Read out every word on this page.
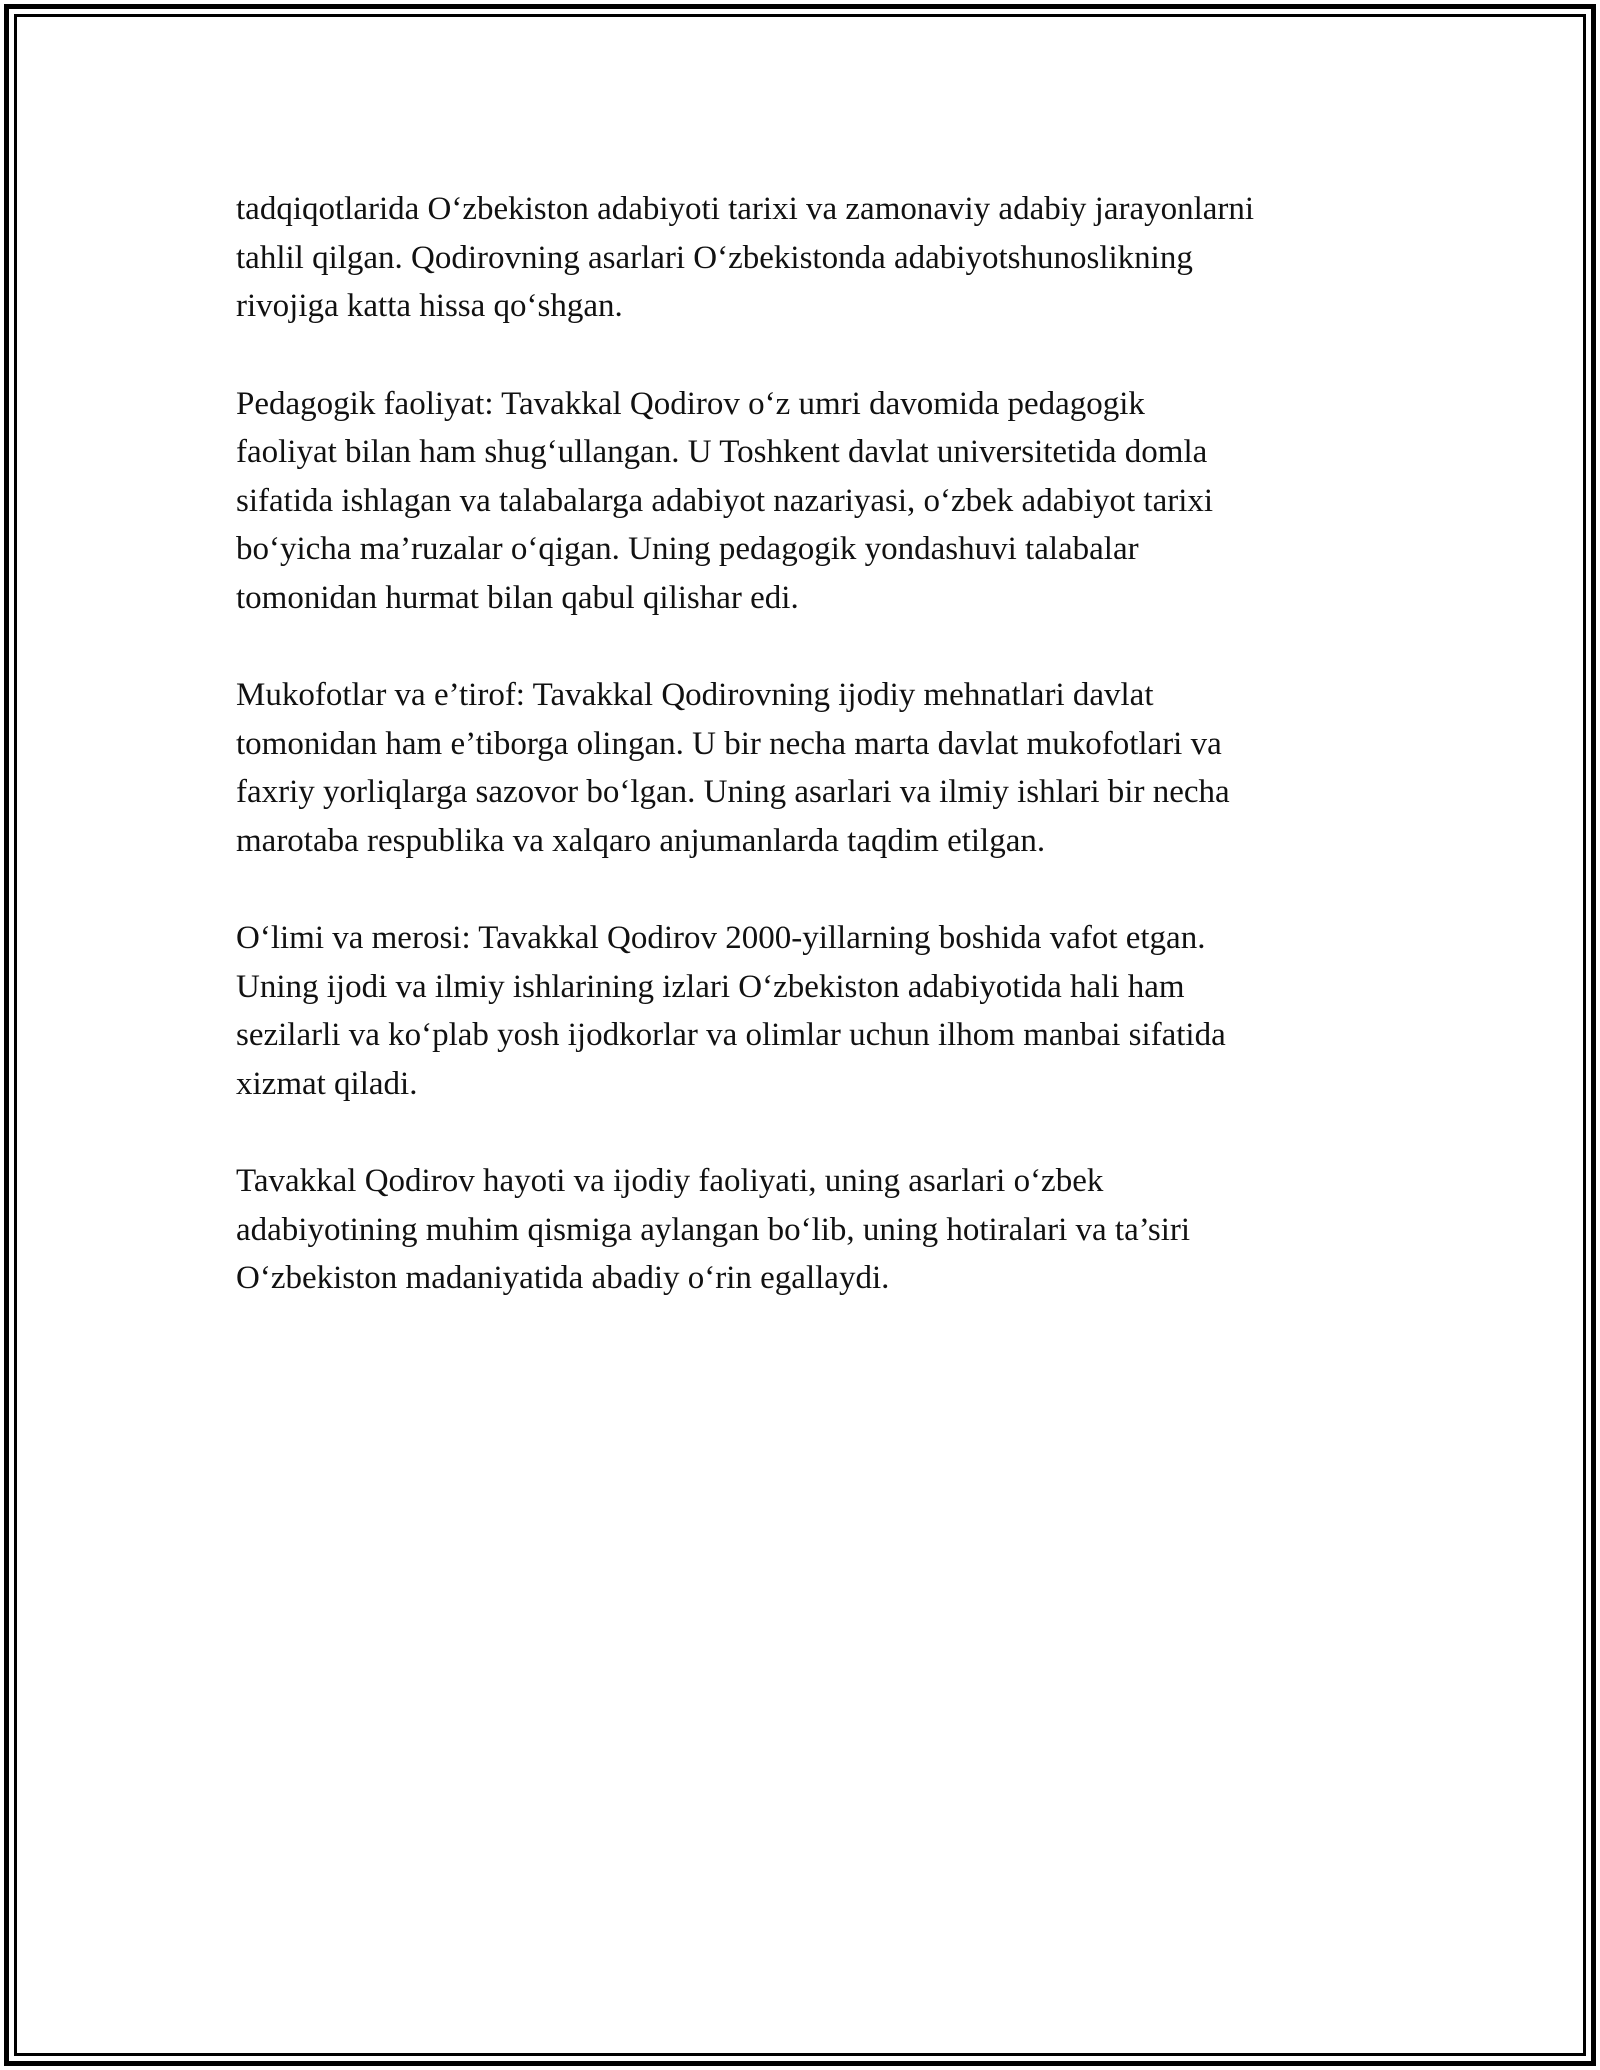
tadqiqotlarida O‘zbekiston adabiyoti tarixi va zamonaviy adabiy jarayonlarni
tahlil qilgan. Qodirovning asarlari O‘zbekistonda adabiyotshunoslikning
rivojiga katta hissa qo‘shgan.

Pedagogik faoliyat: Tavakkal Qodirov o‘z umri davomida pedagogik
faoliyat bilan ham shug‘ullangan. U Toshkent davlat universitetida domla
sifatida ishlagan va talabalarga adabiyot nazariyasi, o‘zbek adabiyot tarixi
bo‘yicha ma’ruzalar o‘qigan. Uning pedagogik yondashuvi talabalar
tomonidan hurmat bilan qabul qilishar edi.

Mukofotlar va e’tirof: Tavakkal Qodirovning ijodiy mehnatlari davlat
tomonidan ham e’tiborga olingan. U bir necha marta davlat mukofotlari va
faxriy yorliqlarga sazovor bo‘lgan. Uning asarlari va ilmiy ishlari bir necha
marotaba respublika va xalqaro anjumanlarda taqdim etilgan.

O‘limi va merosi: Tavakkal Qodirov 2000-yillarning boshida vafot etgan.
Uning ijodi va ilmiy ishlarining izlari O‘zbekiston adabiyotida hali ham
sezilarli va ko‘plab yosh ijodkorlar va olimlar uchun ilhom manbai sifatida
xizmat qiladi.

Tavakkal Qodirov hayoti va ijodiy faoliyati, uning asarlari o‘zbek
adabiyotining muhim qismiga aylangan bo‘lib, uning hotiralari va ta’siri
O‘zbekiston madaniyatida abadiy o‘rin egallaydi.
